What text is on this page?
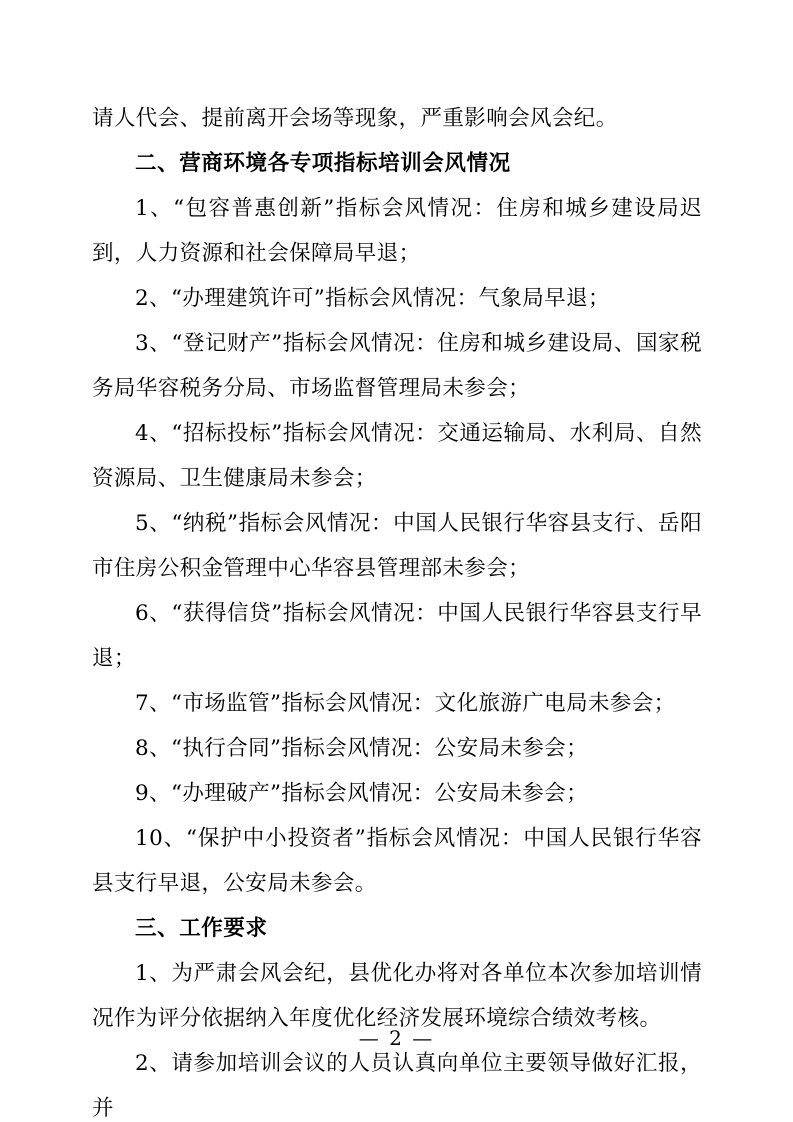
请人代会、提前离开会场等现象，严重影响会风会纪。

二、营商环境各专项指标培训会风情况

1、“包容普惠创新”指标会风情况：住房和城乡建设局迟到，人力资源和社会保障局早退；

2、“办理建筑许可”指标会风情况：气象局早退；

3、“登记财产”指标会风情况：住房和城乡建设局、国家税务局华容税务分局、市场监督管理局未参会；

4、“招标投标”指标会风情况：交通运输局、水利局、自然资源局、卫生健康局未参会；

5、“纳税”指标会风情况：中国人民银行华容县支行、岳阳市住房公积金管理中心华容县管理部未参会；

6、“获得信贷”指标会风情况：中国人民银行华容县支行早退；

7、“市场监管”指标会风情况：文化旅游广电局未参会；

8、“执行合同”指标会风情况：公安局未参会；

9、“办理破产”指标会风情况：公安局未参会；

10、“保护中小投资者”指标会风情况：中国人民银行华容县支行早退，公安局未参会。

三、工作要求

1、为严肃会风会纪，县优化办将对各单位本次参加培训情况作为评分依据纳入年度优化经济发展环境综合绩效考核。

2、请参加培训会议的人员认真向单位主要领导做好汇报，并

— 2 —
